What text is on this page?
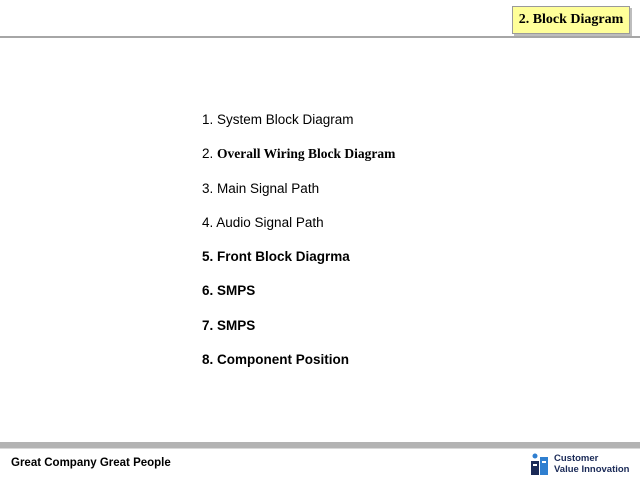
2. Block Diagram
1. System Block Diagram
2. Overall Wiring Block Diagram
3. Main Signal Path
4. Audio Signal Path
5. Front Block Diagrma
6. SMPS
7. SMPS
8. Component Position
Great Company Great People	Customer
Value Innovation
